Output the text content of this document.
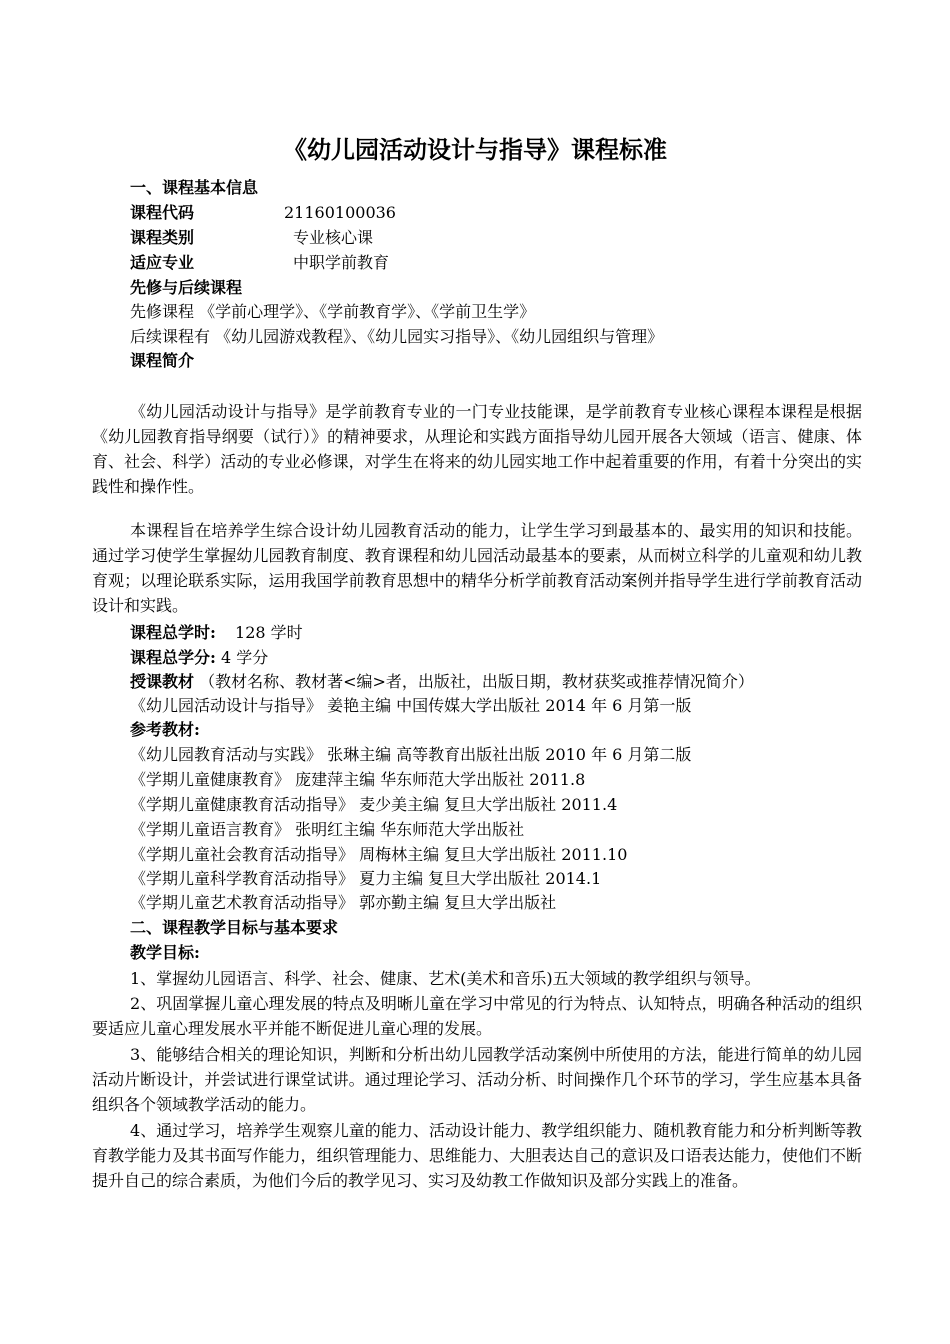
《幼儿园活动设计与指导》课程标准
一、课程基本信息
课程代码	21160100036
课程类别	专业核心课
适应专业	中职学前教育
先修与后续课程
先修课程 《学前心理学》、《学前教育学》、《学前卫生学》
后续课程有 《幼儿园游戏教程》、《幼儿园实习指导》、《幼儿园组织与管理》
课程简介
《幼儿园活动设计与指导》是学前教育专业的一门专业技能课，是学前教育专业核心课程本课程是根据《幼儿园教育指导纲要（试行）》的精神要求，从理论和实践方面指导幼儿园开展各大领域（语言、健康、体育、社会、科学）活动的专业必修课，对学生在将来的幼儿园实地工作中起着重要的作用，有着十分突出的实践性和操作性。
本课程旨在培养学生综合设计幼儿园教育活动的能力，让学生学习到最基本的、最实用的知识和技能。通过学习使学生掌握幼儿园教育制度、教育课程和幼儿园活动最基本的要素，从而树立科学的儿童观和幼儿教育观；以理论联系实际，运用我国学前教育思想中的精华分析学前教育活动案例并指导学生进行学前教育活动设计和实践。
课程总学时: 128 学时
课程总学分: 4 学分
授课教材 （教材名称、教材著<编>者，出版社，出版日期，教材获奖或推荐情况简介）
《幼儿园活动设计与指导》 姜艳主编 中国传媒大学出版社 2014 年 6 月第一版
参考教材:
《幼儿园教育活动与实践》 张琳主编 高等教育出版社出版 2010 年 6 月第二版
《学期儿童健康教育》 庞建萍主编 华东师范大学出版社 2011.8
《学期儿童健康教育活动指导》 麦少美主编 复旦大学出版社 2011.4
《学期儿童语言教育》 张明红主编 华东师范大学出版社
《学期儿童社会教育活动指导》 周梅林主编 复旦大学出版社 2011.10
《学期儿童科学教育活动指导》 夏力主编 复旦大学出版社 2014.1
《学期儿童艺术教育活动指导》 郭亦勤主编 复旦大学出版社
二、课程教学目标与基本要求
教学目标:
1、掌握幼儿园语言、科学、社会、健康、艺术(美术和音乐)五大领域的教学组织与领导。
2、巩固掌握儿童心理发展的特点及明晰儿童在学习中常见的行为特点、认知特点，明确各种活动的组织要适应儿童心理发展水平并能不断促进儿童心理的发展。
3、能够结合相关的理论知识，判断和分析出幼儿园教学活动案例中所使用的方法，能进行简单的幼儿园活动片断设计，并尝试进行课堂试讲。通过理论学习、活动分析、时间操作几个环节的学习，学生应基本具备组织各个领域教学活动的能力。
4、通过学习，培养学生观察儿童的能力、活动设计能力、教学组织能力、随机教育能力和分析判断等教育教学能力及其书面写作能力，组织管理能力、思维能力、大胆表达自己的意识及口语表达能力，使他们不断提升自己的综合素质，为他们今后的教学见习、实习及幼教工作做知识及部分实践上的准备。
